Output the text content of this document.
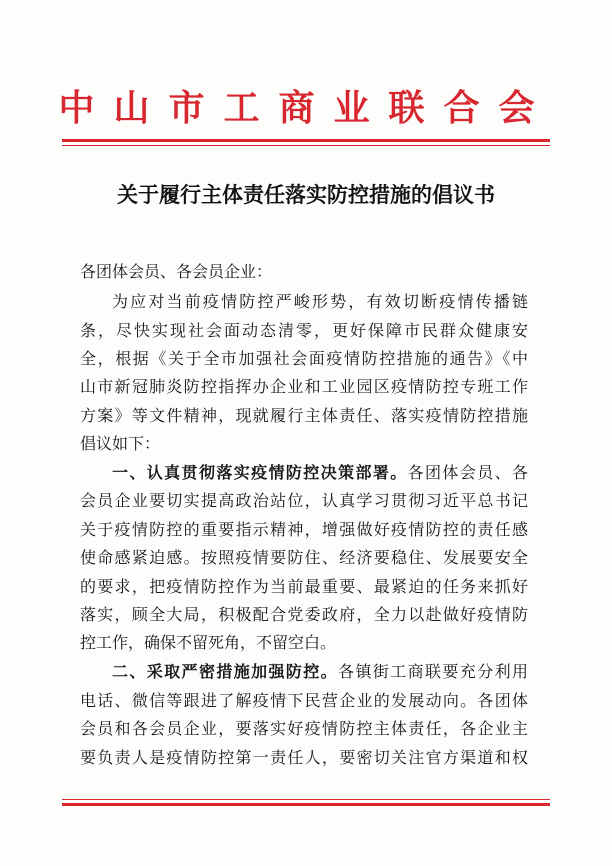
中山市工商业联合会
关于履行主体责任落实防控措施的倡议书
各团体会员、各会员企业：
为应对当前疫情防控严峻形势，有效切断疫情传播链
条，尽快实现社会面动态清零，更好保障市民群众健康安
全，根据《关于全市加强社会面疫情防控措施的通告》《中
山市新冠肺炎防控指挥办企业和工业园区疫情防控专班工作
方案》等文件精神，现就履行主体责任、落实疫情防控措施
倡议如下：
一、认真贯彻落实疫情防控决策部署。各团体会员、各
会员企业要切实提高政治站位，认真学习贯彻习近平总书记
关于疫情防控的重要指示精神，增强做好疫情防控的责任感
使命感紧迫感。按照疫情要防住、经济要稳住、发展要安全
的要求，把疫情防控作为当前最重要、最紧迫的任务来抓好
落实，顾全大局，积极配合党委政府，全力以赴做好疫情防
控工作，确保不留死角，不留空白。
二、采取严密措施加强防控。各镇街工商联要充分利用
电话、微信等跟进了解疫情下民营企业的发展动向。各团体
会员和各会员企业，要落实好疫情防控主体责任，各企业主
要负责人是疫情防控第一责任人，要密切关注官方渠道和权
